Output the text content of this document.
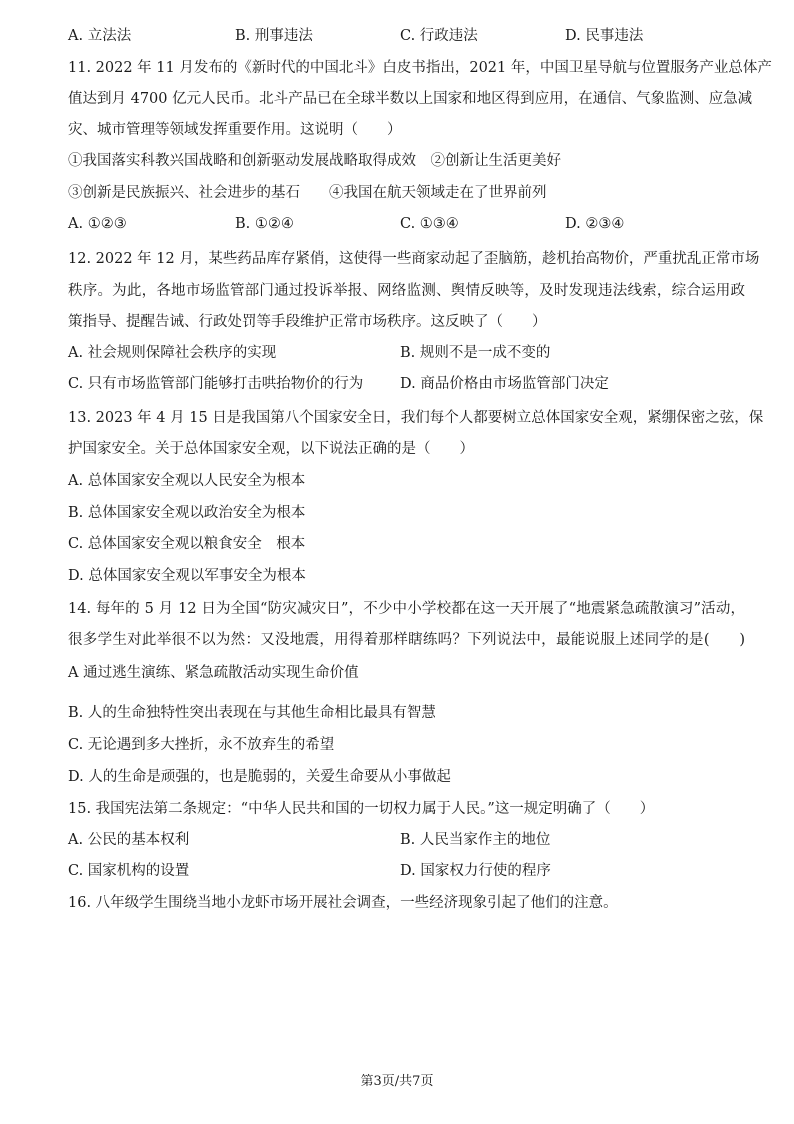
A. 立法法	B. 刑事违法	C. 行政违法	D. 民事违法
11. 2022 年 11 月发布的《新时代的中国北斗》白皮书指出，2021 年，中国卫星导航与位置服务产业总体产
值达到月 4700 亿元人民币。北斗产品已在全球半数以上国家和地区得到应用，在通信、气象监测、应急减
灾、城市管理等领域发挥重要作用。这说明（　　）
①我国落实科教兴国战略和创新驱动发展战略取得成效　②创新让生活更美好
③创新是民族振兴、社会进步的基石　　④我国在航天领域走在了世界前列
A. ①②③	B. ①②④	C. ①③④	D. ②③④
12. 2022 年 12 月，某些药品库存紧俏，这使得一些商家动起了歪脑筋，趁机抬高物价，严重扰乱正常市场
秩序。为此，各地市场监管部门通过投诉举报、网络监测、舆情反映等，及时发现违法线索，综合运用政
策指导、提醒告诫、行政处罚等手段维护正常市场秩序。这反映了（　　）
A. 社会规则保障社会秩序的实现	B. 规则不是一成不变的
C. 只有市场监管部门能够打击哄抬物价的行为	D. 商品价格由市场监管部门决定
13. 2023 年 4 月 15 日是我国第八个国家安全日，我们每个人都要树立总体国家安全观，紧绷保密之弦，保
护国家安全。关于总体国家安全观，以下说法正确的是（　　）
A. 总体国家安全观以人民安全为根本
B. 总体国家安全观以政治安全为根本
C. 总体国家安全观以粮食安全　根本
D. 总体国家安全观以军事安全为根本
14. 每年的 5 月 12 日为全国“防灾减灾日”，不少中小学校都在这一天开展了“地震紧急疏散演习”活动，
很多学生对此举很不以为然：又没地震，用得着那样瞎练吗？下列说法中，最能说服上述同学的是(　　)
A 通过逃生演练、紧急疏散活动实现生命价值
B. 人的生命独特性突出表现在与其他生命相比最具有智慧
C. 无论遇到多大挫折，永不放弃生的希望
D. 人的生命是顽强的，也是脆弱的，关爱生命要从小事做起
15. 我国宪法第二条规定：“中华人民共和国的一切权力属于人民。”这一规定明确了（　　）
A. 公民的基本权利	B. 人民当家作主的地位
C. 国家机构的设置	D. 国家权力行使的程序
16. 八年级学生围绕当地小龙虾市场开展社会调查，一些经济现象引起了他们的注意。
第3页/共7页
